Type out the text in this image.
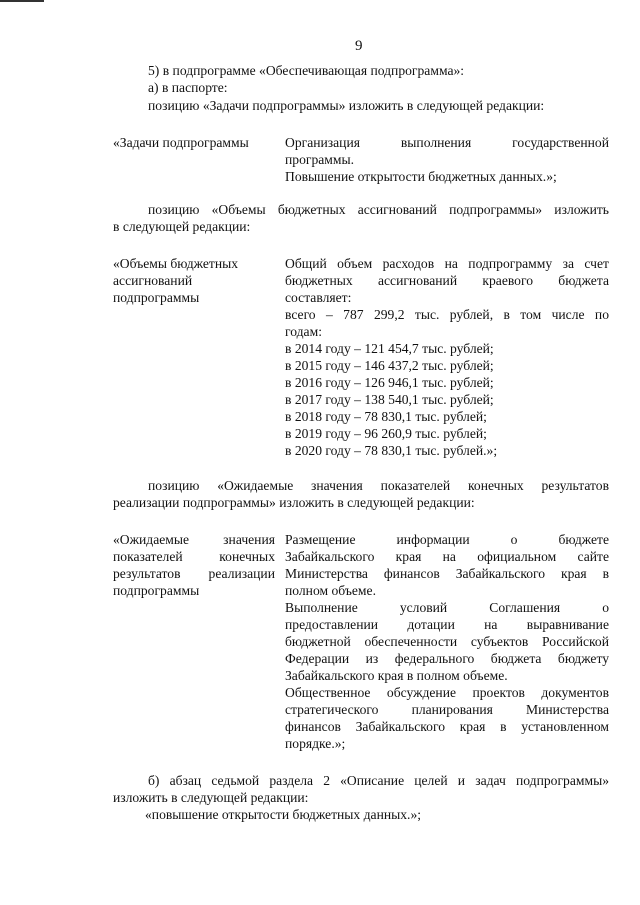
9
5) в подпрограмме «Обеспечивающая подпрограмма»:
а) в паспорте:
позицию «Задачи подпрограммы» изложить в следующей редакции:
«Задачи подпрограммы	Организация выполнения государственной
программы.
Повышение открытости бюджетных данных.»;
позицию «Объемы бюджетных ассигнований подпрограммы» изложить
в следующей редакции:
«Объемы бюджетных
ассигнований
подпрограммы
Общий объем расходов на подпрограмму за счет
бюджетных ассигнований краевого бюджета
составляет:
всего – 787 299,2 тыс. рублей, в том числе по
годам:
в 2014 году – 121 454,7 тыс. рублей;
в 2015 году – 146 437,2 тыс. рублей;
в 2016 году – 126 946,1 тыс. рублей;
в 2017 году – 138 540,1 тыс. рублей;
в 2018 году – 78 830,1 тыс. рублей;
в 2019 году – 96 260,9 тыс. рублей;
в 2020 году – 78 830,1 тыс. рублей.»;
позицию «Ожидаемые значения показателей конечных результатов
реализации подпрограммы» изложить в следующей редакции:
«Ожидаемые значения
показателей конечных
результатов реализации
подпрограммы
Размещение информации о бюджете
Забайкальского края на официальном сайте
Министерства финансов Забайкальского края в
полном объеме.
Выполнение условий Соглашения о
предоставлении дотации на выравнивание
бюджетной обеспеченности субъектов Российской
Федерации из федерального бюджета бюджету
Забайкальского края в полном объеме.
Общественное обсуждение проектов документов
стратегического планирования Министерства
финансов Забайкальского края в установленном
порядке.»;
б) абзац седьмой раздела 2 «Описание целей и задач подпрограммы»
изложить в следующей редакции:
«повышение открытости бюджетных данных.»;
